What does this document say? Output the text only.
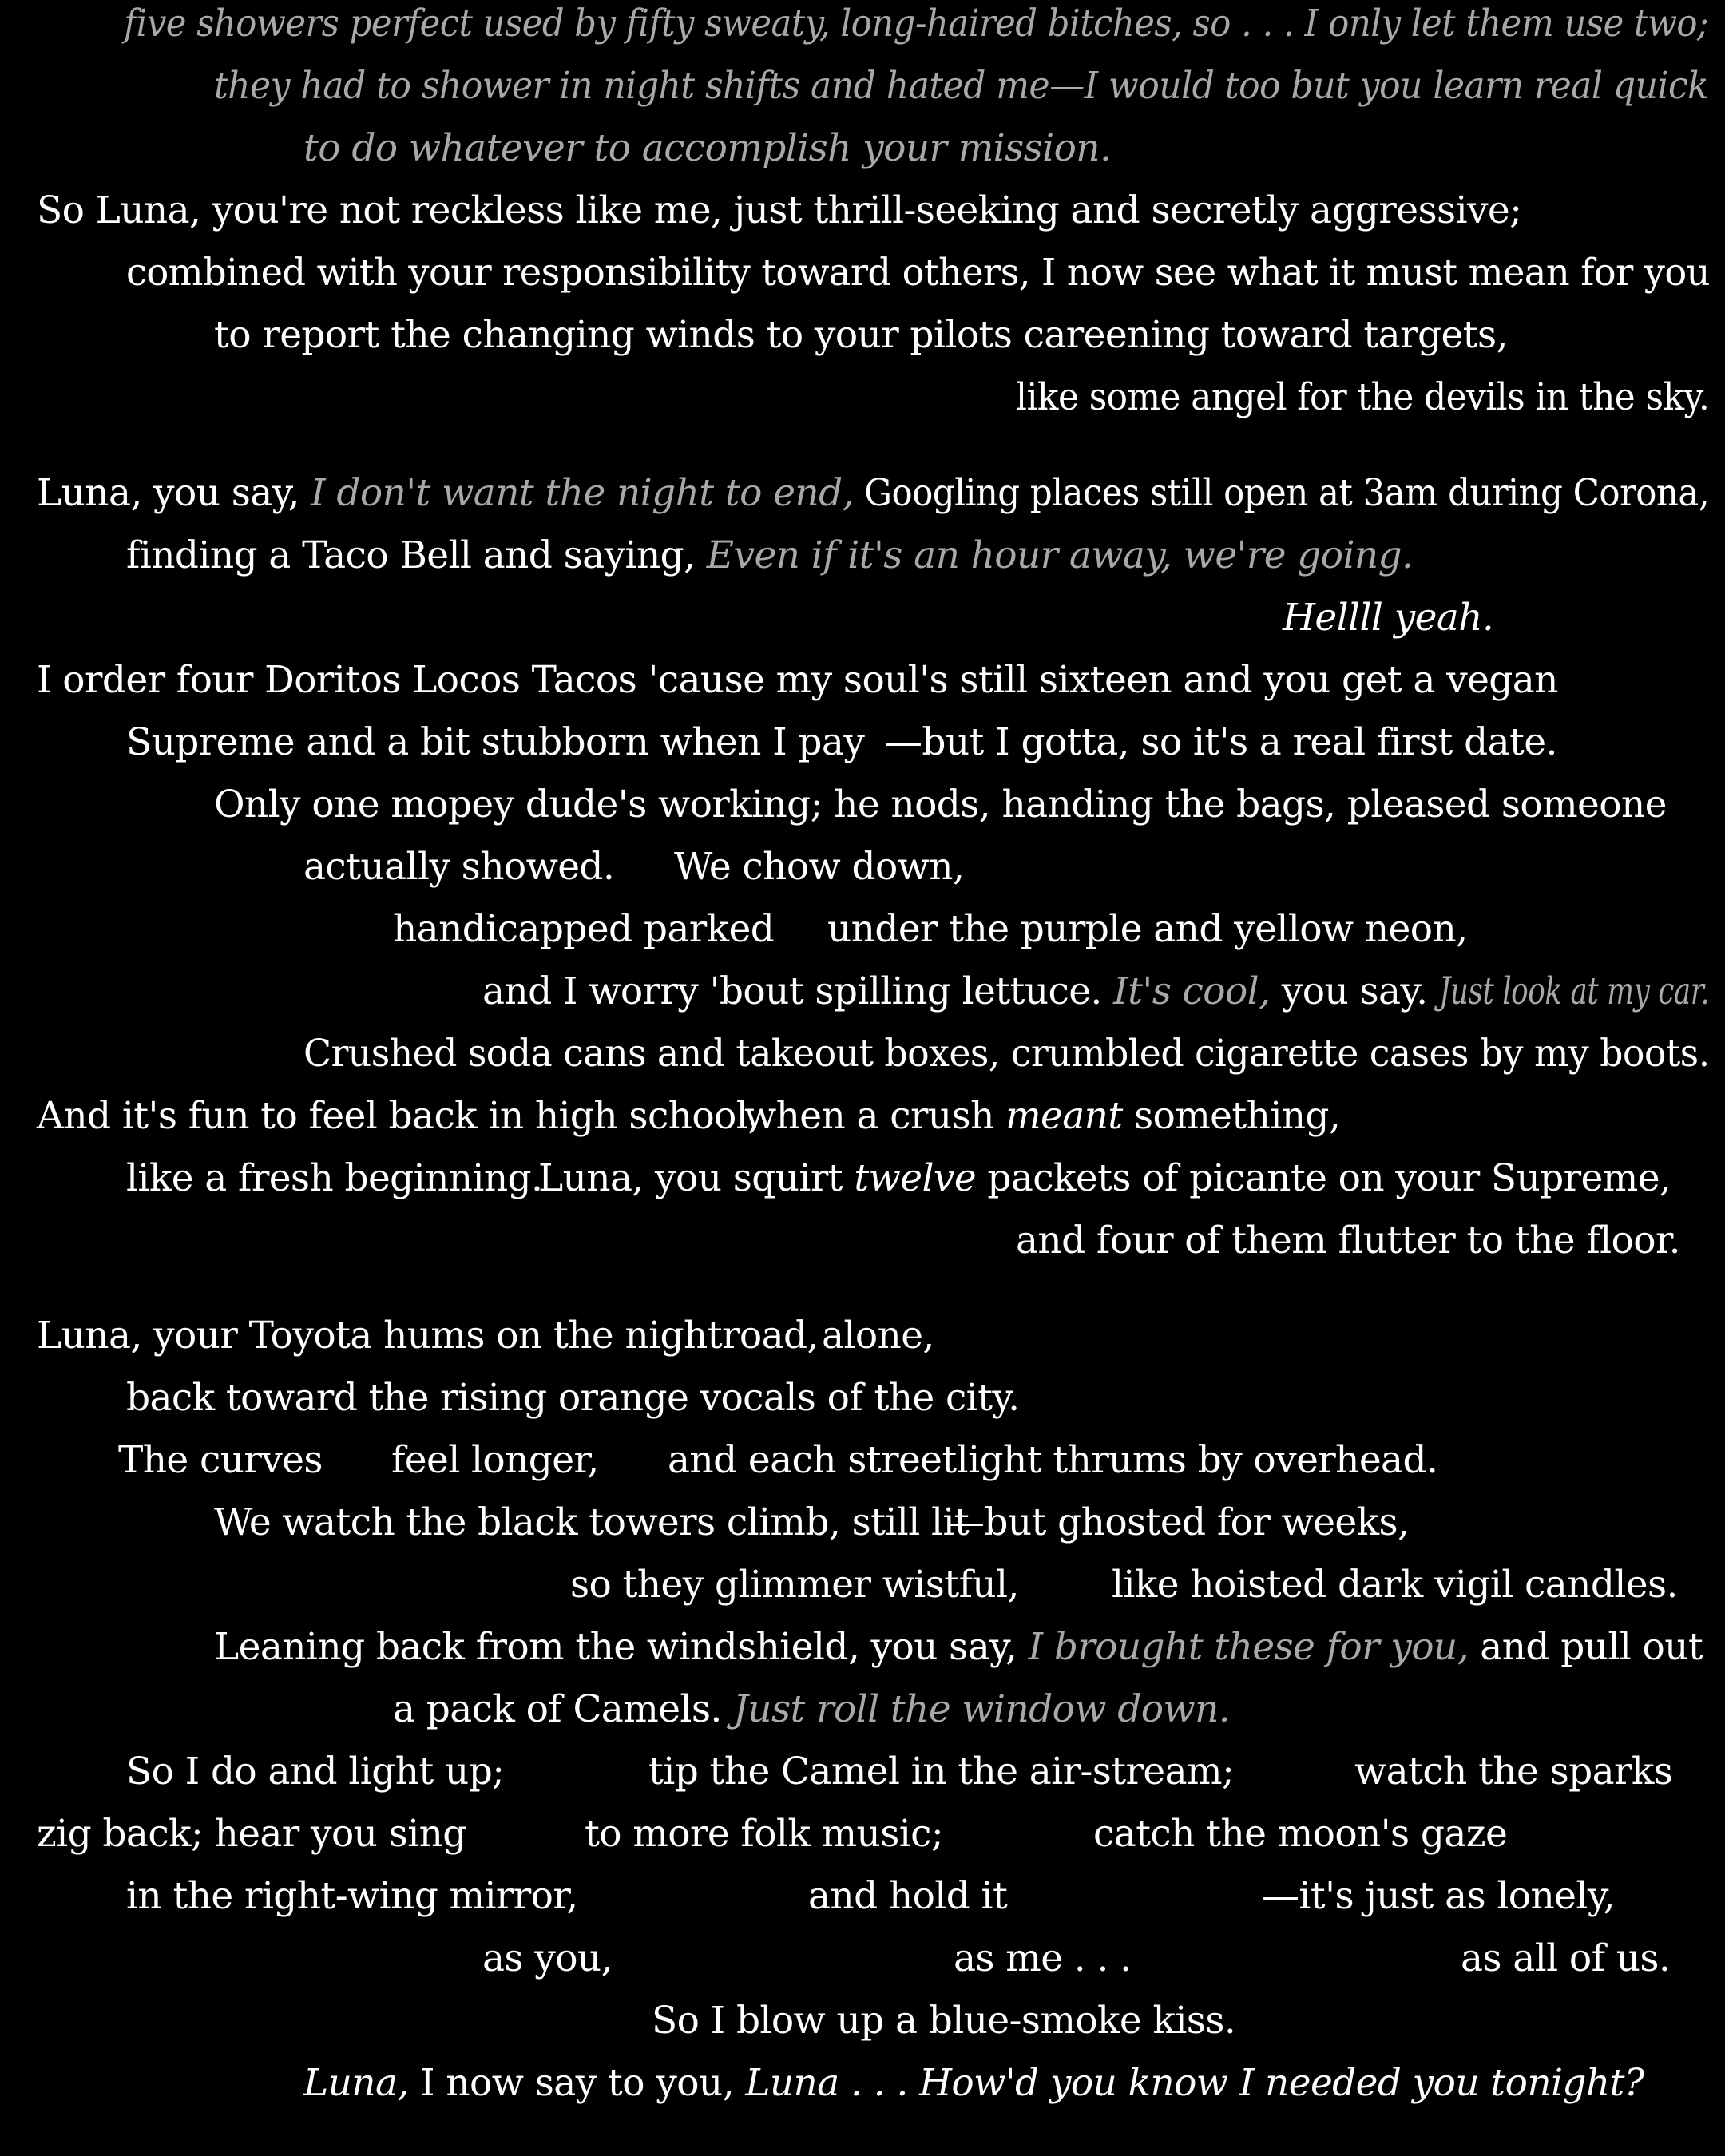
five showers perfect used by fifty sweaty, long-haired bitches, so . . . I only let them use two;
they had to shower in night shifts and hated me—I would too but you learn real quick
to do whatever to accomplish your mission.
So Luna, you're not reckless like me, just thrill-seeking and secretly aggressive;
combined with your responsibility toward others, I now see what it must mean for you
to report the changing winds to your pilots careening toward targets,
like some angel for the devils in the sky.
Luna, you say, I don't want the night to end, Googling places still open at 3am during Corona,
finding a Taco Bell and saying, Even if it's an hour away, we're going.
Hellll yeah.
I order four Doritos Locos Tacos 'cause my soul's still sixteen and you get a vegan
Supreme and a bit stubborn when I pay —but I gotta, so it's a real first date.
Only one mopey dude's working; he nods, handing the bags, pleased someone
actually showed. We chow down,
handicapped parked under the purple and yellow neon,
and I worry 'bout spilling lettuce. It's cool, you say. Just look at my car.
Crushed soda cans and takeout boxes, crumbled cigarette cases by my boots.
And it's fun to feel back in high school,
when a crush meant something,
like a fresh beginning.
Luna, you squirt twelve packets of picante on your Supreme,
and four of them flutter to the floor.
Luna, your Toyota hums on the nightroad, alone,
back toward the rising orange vocals of the city.
The curves feel longer, and each streetlight thrums by overhead.
We watch the black towers climb, still lit
—but ghosted for weeks,
so they glimmer wistful, like hoisted dark vigil candles.
Leaning back from the windshield, you say, I brought these for you, and pull out
a pack of Camels. Just roll the window down.
So I do and light up;	tip the Camel in the air-stream;	watch the sparks
zig back; hear you sing	to more folk music;	catch the moon's gaze
in the right-wing mirror,	and hold it	—it's just as lonely,
as you,	as me . . .	as all of us.
So I blow up a blue-smoke kiss.
Luna, I now say to you, Luna . . . How'd you know I needed you tonight?
